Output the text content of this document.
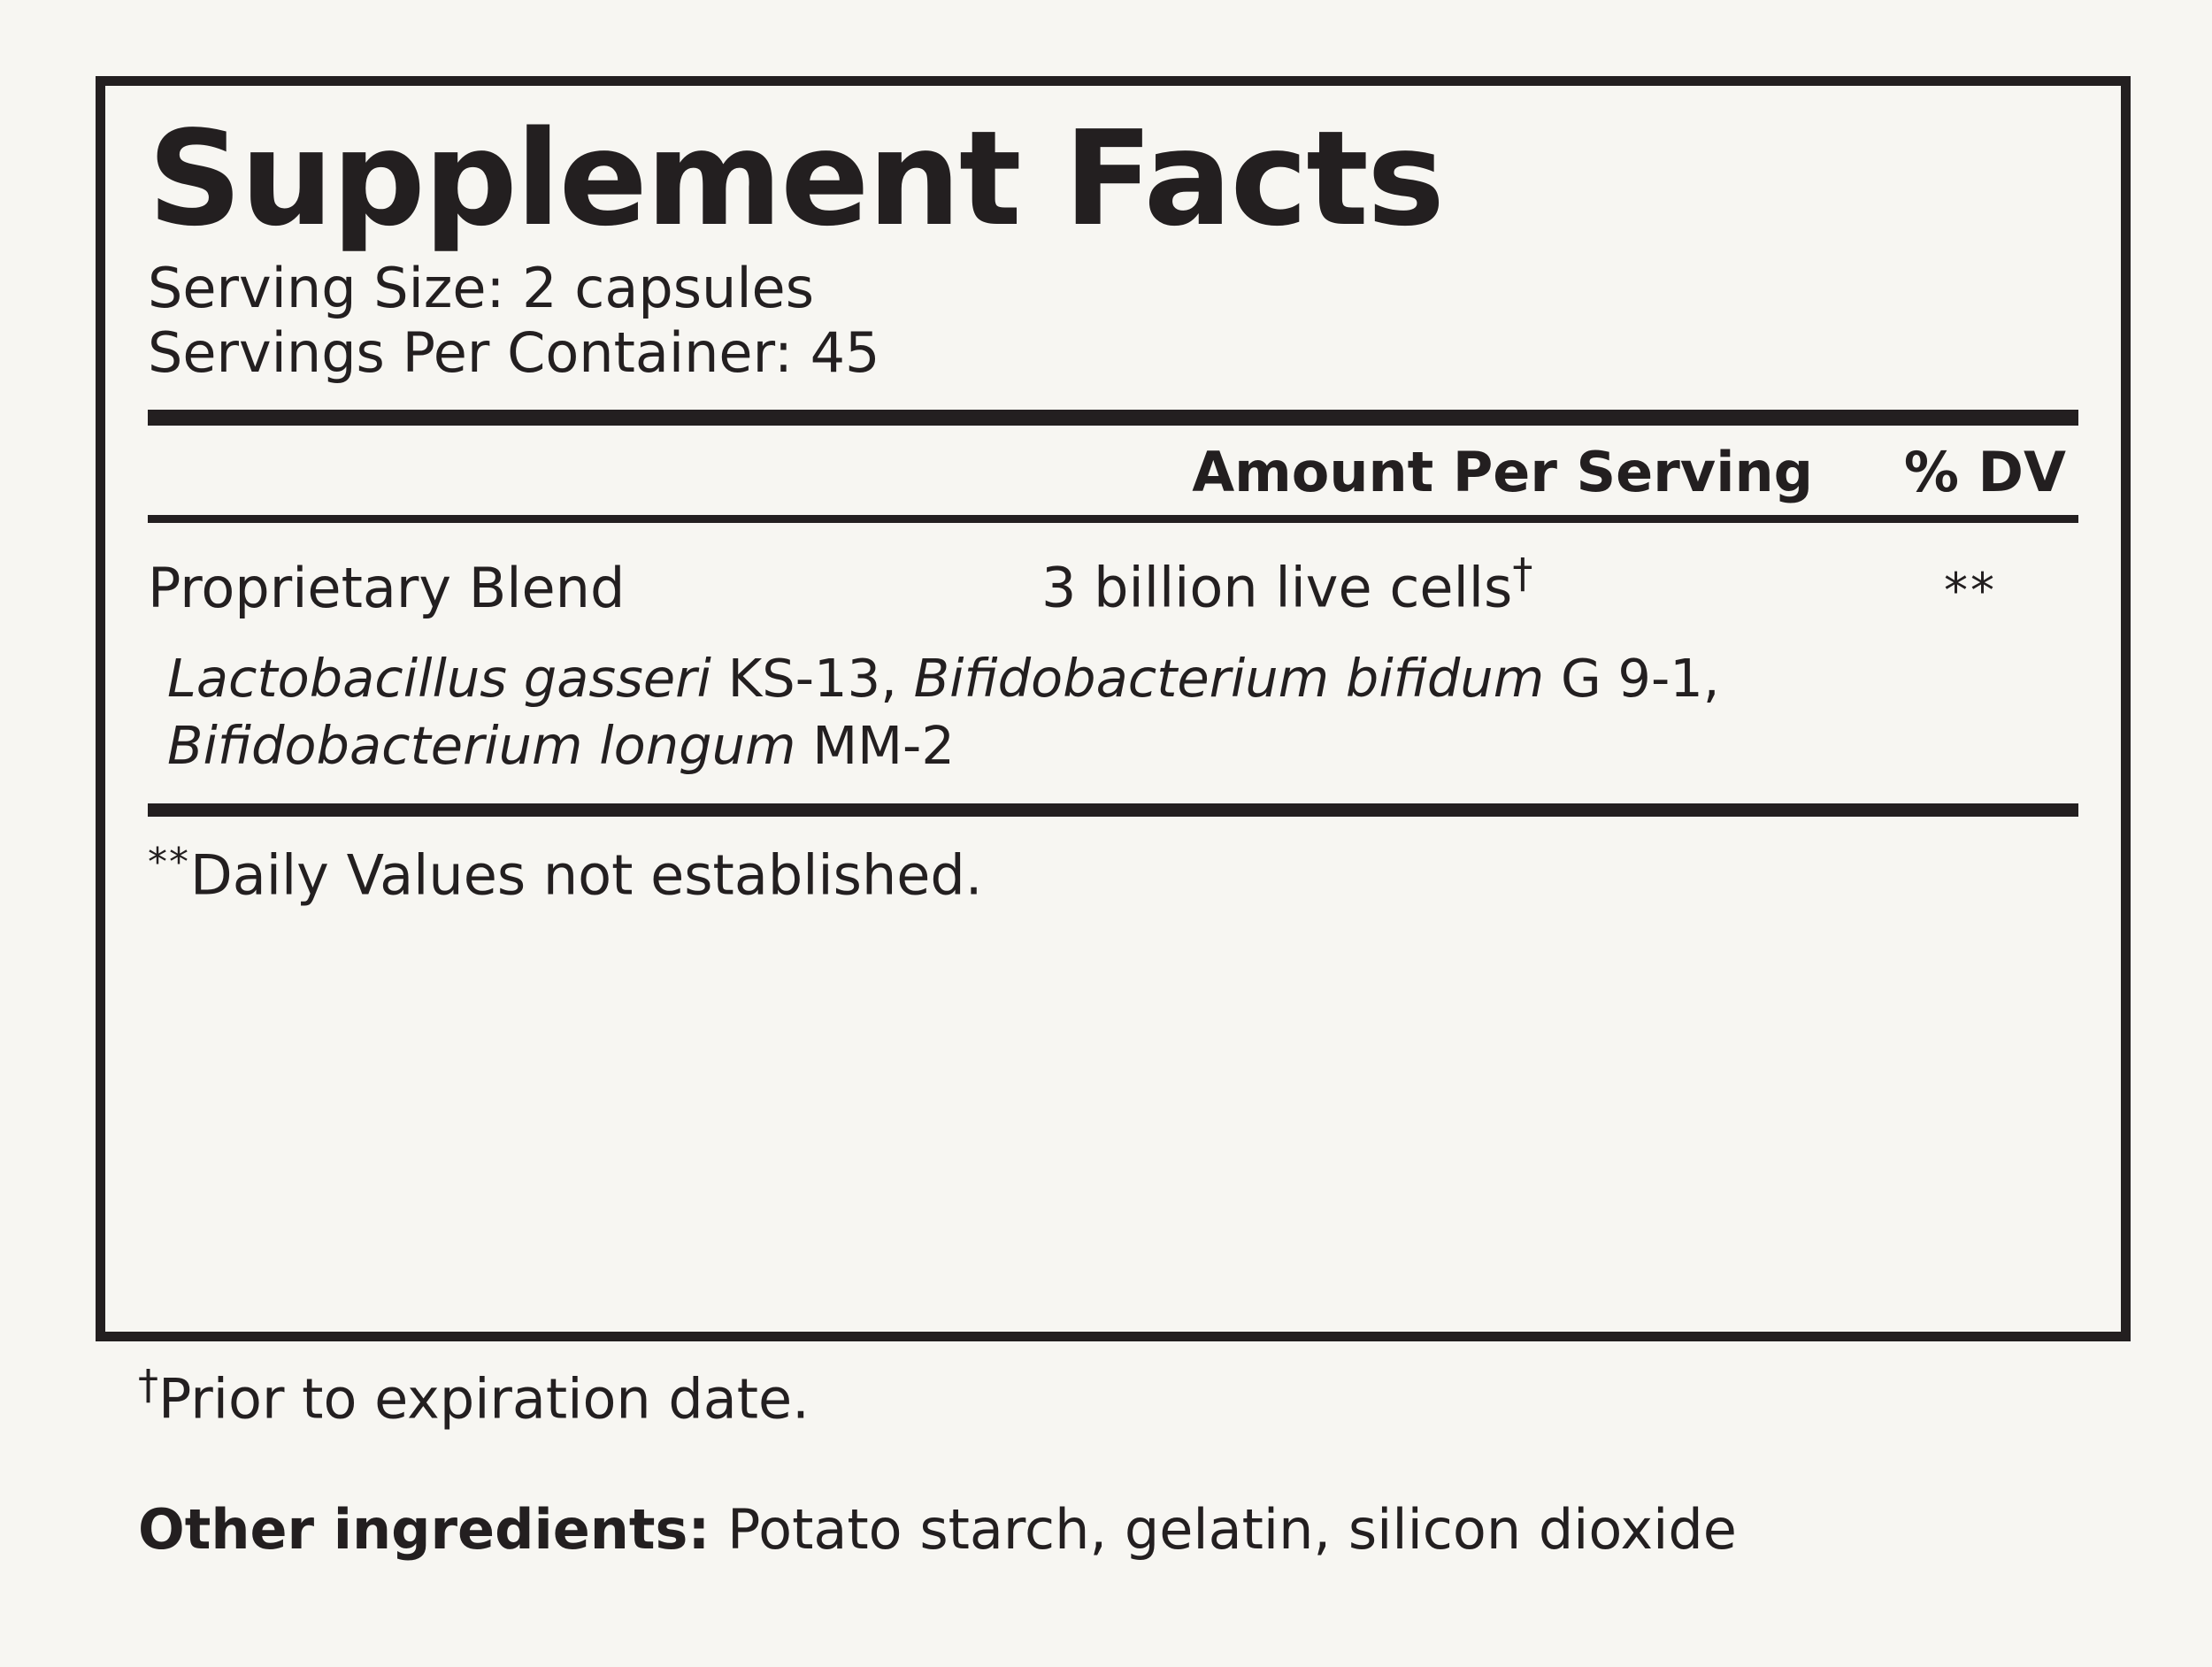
Supplement Facts
Serving Size: 2 capsules
Servings Per Container: 45
Amount Per Serving % DV
Proprietary Blend	3 billion live cells†	**
Lactobacillus gasseri KS-13, Bifidobacterium bifidum G 9-1, Bifidobacterium longum MM-2
**Daily Values not established.
†Prior to expiration date.
Other ingredients: Potato starch, gelatin, silicon dioxide
